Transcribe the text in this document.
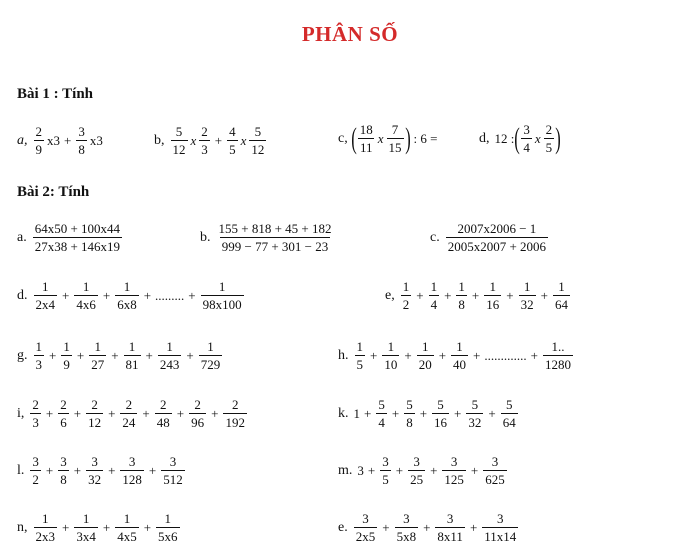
PHÂN SỐ
Bài 1 : Tính
a, $\frac{2}{9} x3 + \frac{3}{8} x3$	b, $\frac{5}{12}$ x $\frac{2}{3} + \frac{4}{5}$ x $\frac{5}{12}$	c, ( $\frac{18}{11}$ x $\frac{7}{15}$ ) : 6 =	d, 12 : ( $\frac{3}{4}$ x $\frac{2}{5}$ )
Bài 2: Tính
a. $\frac{64x50 + 100x44}{27x38 + 146x19}$	b. $\frac{155 + 818 + 45 + 182}{999 - 77 + 301 - 23}$	c. $\frac{2007x2006 - 1}{2005x2007 + 2006}$
d. $\frac{1}{2x4} + \frac{1}{4x6} + \frac{1}{6x8}$ + ......... + $\frac{1}{98x100}$	e, $\frac{1}{2} + \frac{1}{4} + \frac{1}{8} + \frac{1}{16} + \frac{1}{32} + \frac{1}{64}$
g. $\frac{1}{3} + \frac{1}{9} + \frac{1}{27} + \frac{1}{81} + \frac{1}{243} + \frac{1}{729}$	h. $\frac{1}{5} + \frac{1}{10} + \frac{1}{20} + \frac{1}{40}$ + ............. + $\frac{1..}{1280}$
i, $\frac{2}{3} + \frac{2}{6} + \frac{2}{12} + \frac{2}{24} + \frac{2}{48} + \frac{2}{96} + \frac{2}{192}$	k. $1 + \frac{5}{4} + \frac{5}{8} + \frac{5}{16} + \frac{5}{32} + \frac{5}{64}$
l. $\frac{3}{2} + \frac{3}{8} + \frac{3}{32} + \frac{3}{128} + \frac{3}{512}$	m. $3 + \frac{3}{5} + \frac{3}{25} + \frac{3}{125} + \frac{3}{625}$
n, $\frac{1}{2x3} + \frac{1}{3x4} + \frac{1}{4x5} + \frac{1}{5x6}$	e. $\frac{3}{2x5} + \frac{3}{5x8} + \frac{3}{8x11} + \frac{3}{11x14}$
